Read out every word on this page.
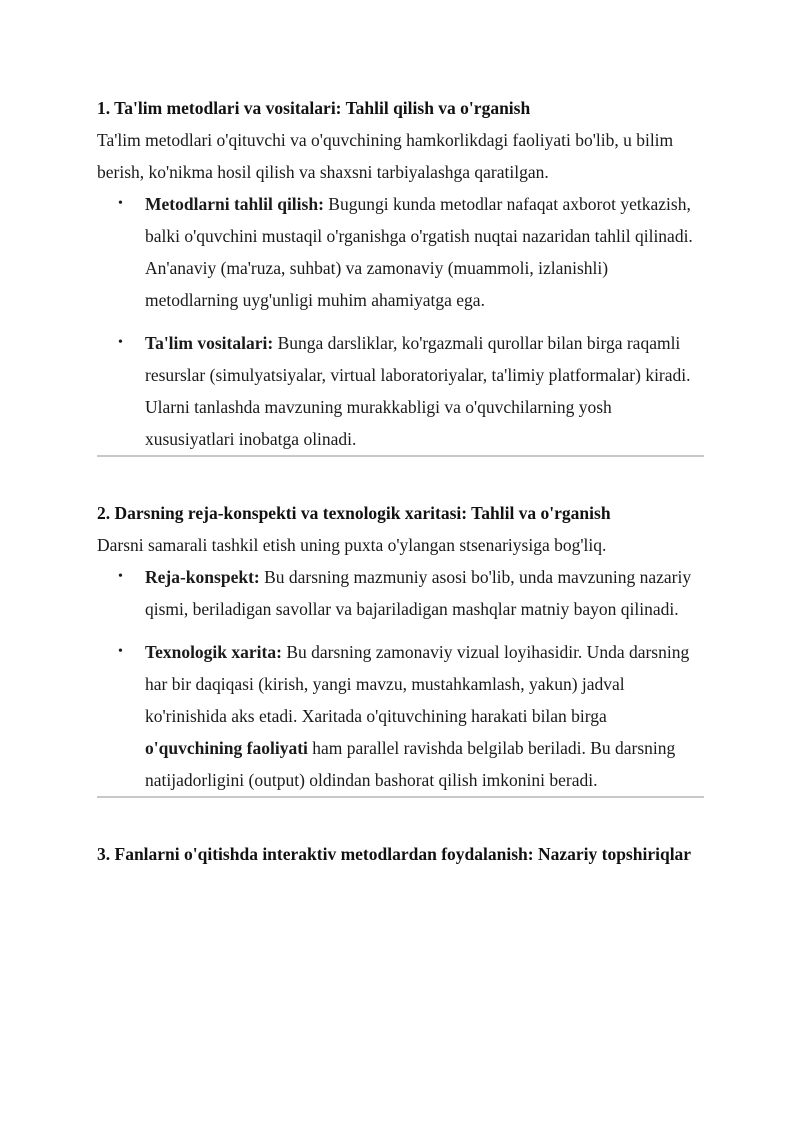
1. Ta'lim metodlari va vositalari: Tahlil qilish va o'rganish

Ta'lim metodlari o'qituvchi va o'quvchining hamkorlikdagi faoliyati bo'lib, u bilim berish, ko'nikma hosil qilish va shaxsni tarbiyalashga qaratilgan.

• Metodlarni tahlil qilish: Bugungi kunda metodlar nafaqat axborot yetkazish, balki o'quvchini mustaqil o'rganishga o'rgatish nuqtai nazaridan tahlil qilinadi. An'anaviy (ma'ruza, suhbat) va zamonaviy (muammoli, izlanishli) metodlarning uyg'unligi muhim ahamiyatga ega.
• Ta'lim vositalari: Bunga darsliklar, ko'rgazmali qurollar bilan birga raqamli resurslar (simulyatsiyalar, virtual laboratoriyalar, ta'limiy platformalar) kiradi. Ularni tanlashda mavzuning murakkabligi va o'quvchilarning yosh xususiyatlari inobatga olinadi.
2. Darsning reja-konspekti va texnologik xaritasi: Tahlil va o'rganish

Darsni samarali tashkil etish uning puxta o'ylangan stsenariysiga bog'liq.

• Reja-konspekt: Bu darsning mazmuniy asosi bo'lib, unda mavzuning nazariy qismi, beriladigan savollar va bajariladigan mashqlar matniy bayon qilinadi.
• Texnologik xarita: Bu darsning zamonaviy vizual loyihasidir. Unda darsning har bir daqiqasi (kirish, yangi mavzu, mustahkamlash, yakun) jadval ko'rinishida aks etadi. Xaritada o'qituvchining harakati bilan birga o'quvchining faoliyati ham parallel ravishda belgilab beriladi. Bu darsning natijadorligini (output) oldindan bashorat qilish imkonini beradi.
3. Fanlarni o'qitishda interaktiv metodlardan foydalanish: Nazariy topshiriqlar
